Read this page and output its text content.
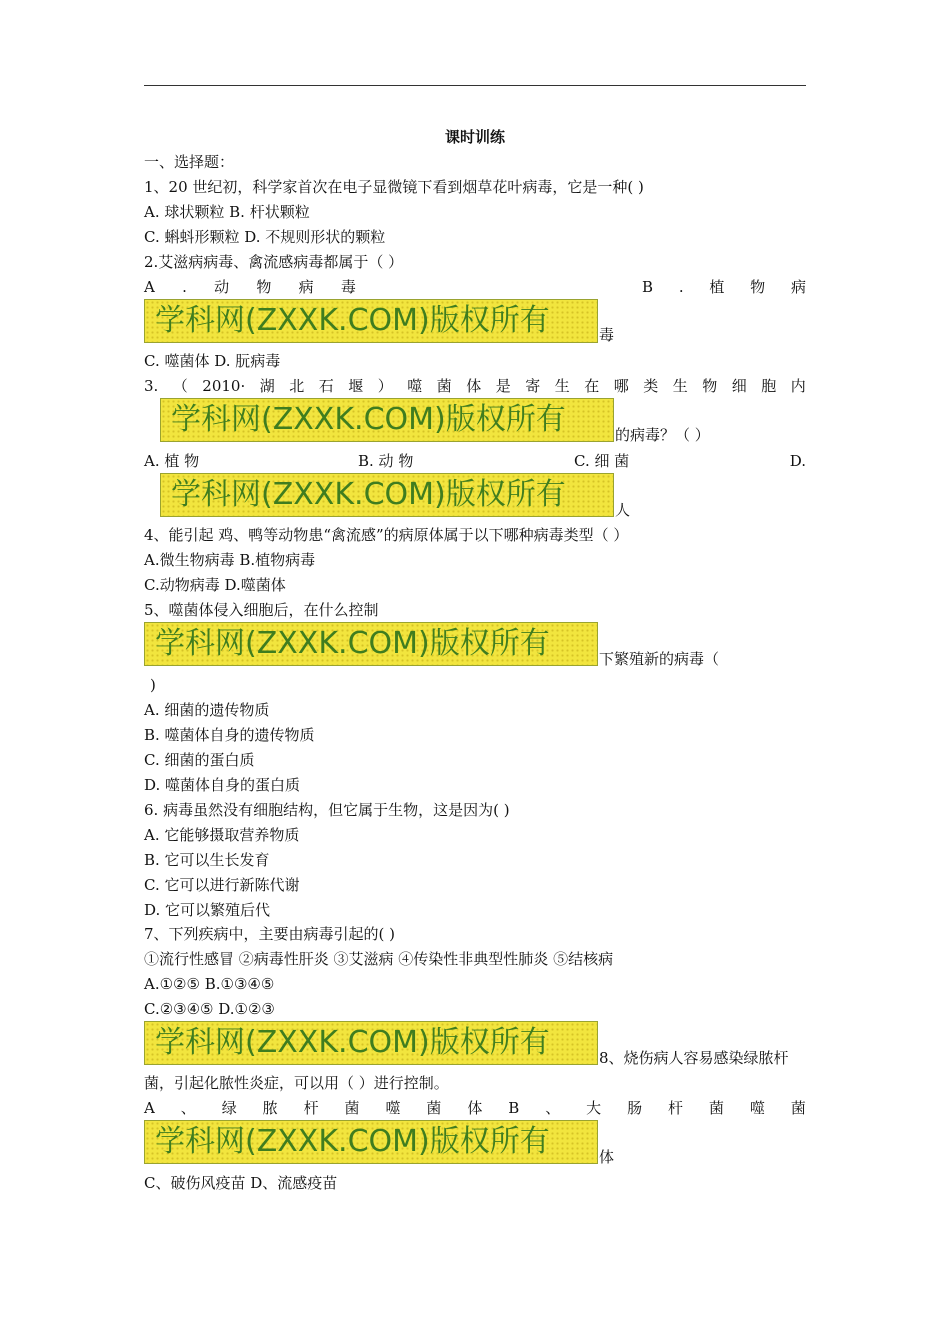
课时训练
一、选择题：
1、20 世纪初，科学家首次在电子显微镜下看到烟草花叶病毒，它是一种( )
A. 球状颗粒 B. 杆状颗粒
C. 蝌蚪形颗粒 D. 不规则形状的颗粒
2.艾滋病病毒、禽流感病毒都属于（ ）
A . 动 物 病 毒	B . 植 物 病
学科网(ZXXK.COM)版权所有	毒
C. 噬菌体 D. 朊病毒
3. （ 2010· 湖 北 石 堰 ） 噬 菌 体 是 寄 生 在 哪 类 生 物 细 胞 内
学科网(ZXXK.COM)版权所有	的病毒？（ ）
A. 植 物	B. 动 物	C. 细 菌	D.
学科网(ZXXK.COM)版权所有	人
4、能引起 鸡、鸭等动物患“禽流感”的病原体属于以下哪种病毒类型（ ）
A.微生物病毒 B.植物病毒
C.动物病毒 D.噬菌体
5、噬菌体侵入细胞后，在什么控制
学科网(ZXXK.COM)版权所有	下繁殖新的病毒（
)
A. 细菌的遗传物质
B. 噬菌体自身的遗传物质
C. 细菌的蛋白质
D. 噬菌体自身的蛋白质
6. 病毒虽然没有细胞结构，但它属于生物，这是因为( )
A. 它能够摄取营养物质
B. 它可以生长发育
C. 它可以进行新陈代谢
D. 它可以繁殖后代
7、下列疾病中，主要由病毒引起的( )
①流行性感冒 ②病毒性肝炎 ③艾滋病 ④传染性非典型性肺炎 ⑤结核病
A.①②⑤ B.①③④⑤
C.②③④⑤ D.①②③
学科网(ZXXK.COM)版权所有	8、烧伤病人容易感染绿脓杆
菌，引起化脓性炎症，可以用（ ）进行控制。
A 、 绿 脓 杆 菌 噬 菌 体 B 、 大 肠 杆 菌 噬 菌
学科网(ZXXK.COM)版权所有	体
C、破伤风疫苗 D、流感疫苗
